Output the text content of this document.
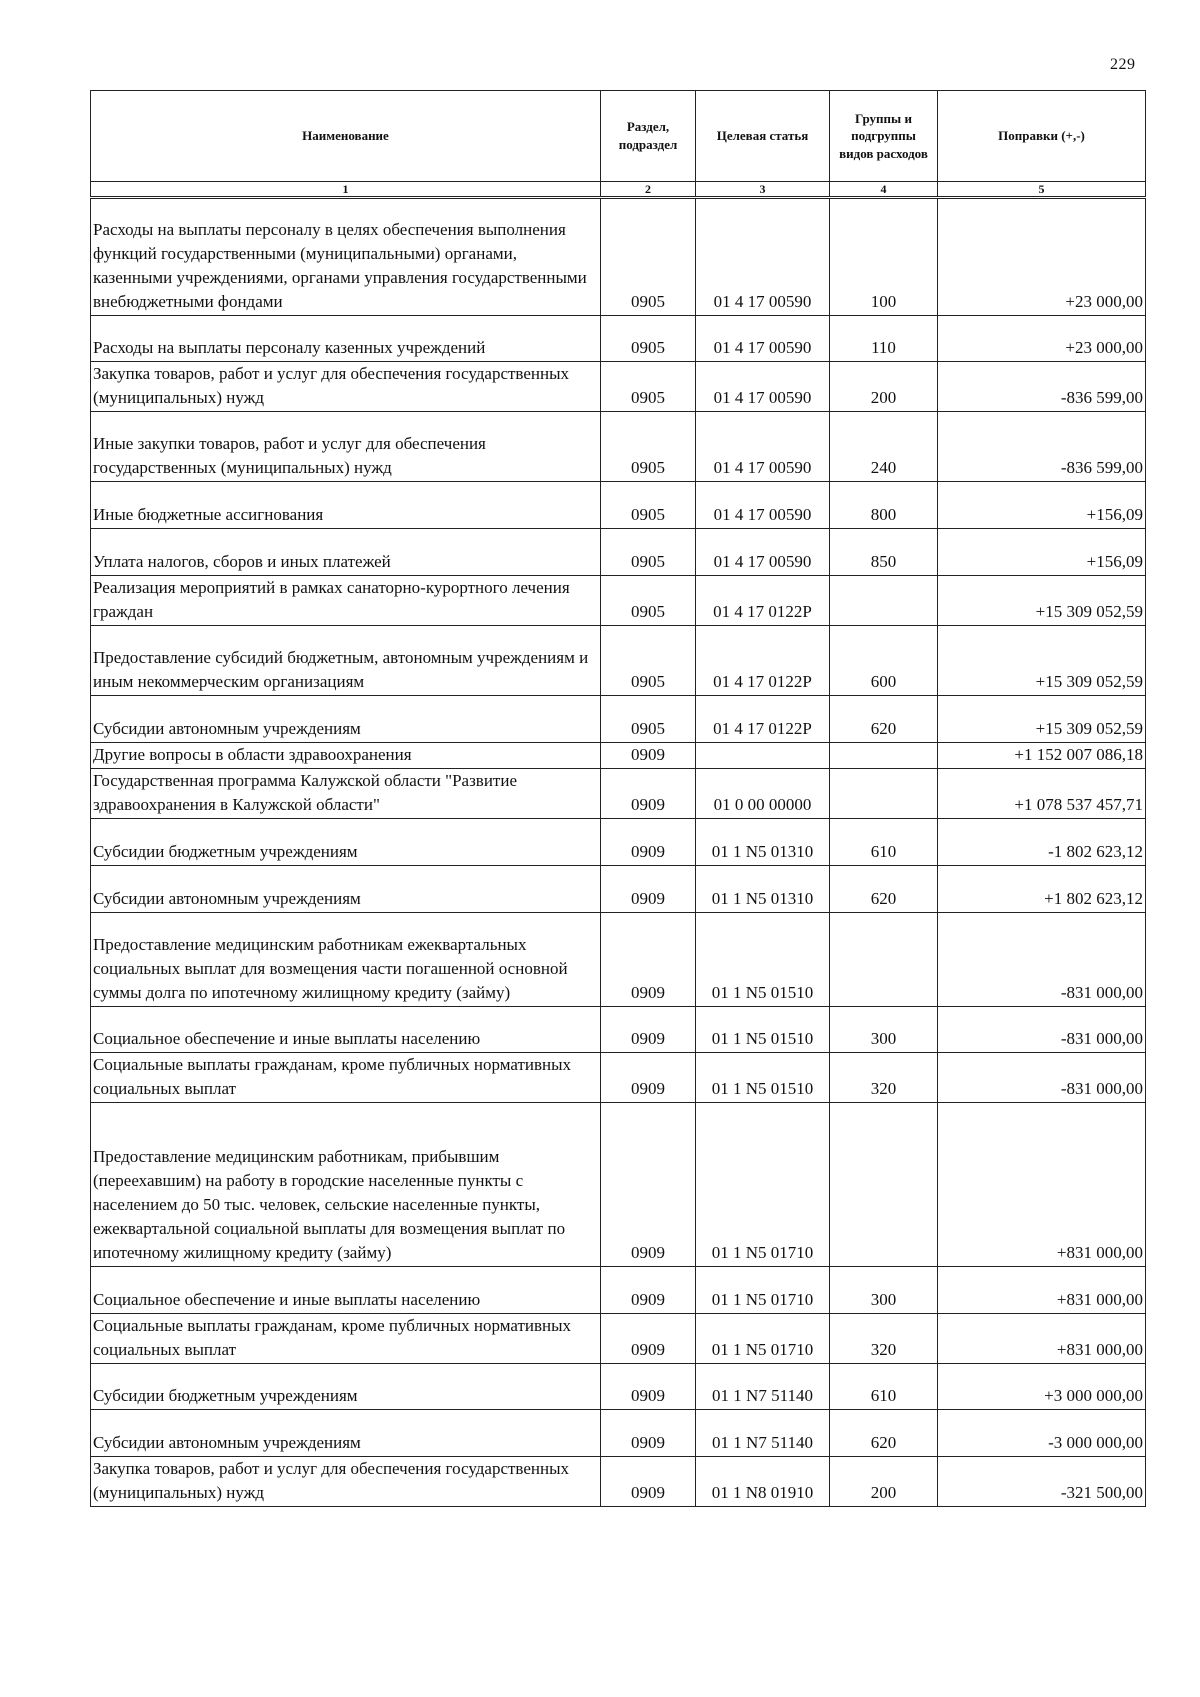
229
Наименование	Раздел, подраздел	Целевая статья	Группы и подгруппы видов расходов	Поправки (+,-)
1	2	3	4	5
Расходы на выплаты персоналу в целях обеспечения выполнения функций государственными (муниципальными) органами, казенными учреждениями, органами управления государственными внебюджетными фондами	0905	01 4 17 00590	100	+23 000,00
Расходы на выплаты персоналу казенных учреждений	0905	01 4 17 00590	110	+23 000,00
Закупка товаров, работ и услуг для обеспечения государственных (муниципальных) нужд	0905	01 4 17 00590	200	-836 599,00
Иные закупки товаров, работ и услуг для обеспечения государственных (муниципальных) нужд	0905	01 4 17 00590	240	-836 599,00
Иные бюджетные ассигнования	0905	01 4 17 00590	800	+156,09
Уплата налогов, сборов и иных платежей	0905	01 4 17 00590	850	+156,09
Реализация мероприятий в рамках санаторно-курортного лечения граждан	0905	01 4 17 0122P		+15 309 052,59
Предоставление субсидий бюджетным, автономным учреждениям и иным некоммерческим организациям	0905	01 4 17 0122P	600	+15 309 052,59
Субсидии автономным учреждениям	0905	01 4 17 0122P	620	+15 309 052,59
Другие вопросы в области здравоохранения	0909			+1 152 007 086,18
Государственная программа Калужской области "Развитие здравоохранения в Калужской области"	0909	01 0 00 00000		+1 078 537 457,71
Субсидии бюджетным учреждениям	0909	01 1 N5 01310	610	-1 802 623,12
Субсидии автономным учреждениям	0909	01 1 N5 01310	620	+1 802 623,12
Предоставление медицинским работникам ежеквартальных социальных выплат для возмещения части погашенной основной суммы долга по ипотечному жилищному кредиту (займу)	0909	01 1 N5 01510		-831 000,00
Социальное обеспечение и иные выплаты населению	0909	01 1 N5 01510	300	-831 000,00
Социальные выплаты гражданам, кроме публичных нормативных социальных выплат	0909	01 1 N5 01510	320	-831 000,00
Предоставление медицинским работникам, прибывшим (переехавшим) на работу в городские населенные пункты с населением до 50 тыс. человек, сельские населенные пункты, ежеквартальной социальной выплаты для возмещения выплат по ипотечному жилищному кредиту (займу)	0909	01 1 N5 01710		+831 000,00
Социальное обеспечение и иные выплаты населению	0909	01 1 N5 01710	300	+831 000,00
Социальные выплаты гражданам, кроме публичных нормативных социальных выплат	0909	01 1 N5 01710	320	+831 000,00
Субсидии бюджетным учреждениям	0909	01 1 N7 51140	610	+3 000 000,00
Субсидии автономным учреждениям	0909	01 1 N7 51140	620	-3 000 000,00
Закупка товаров, работ и услуг для обеспечения государственных (муниципальных) нужд	0909	01 1 N8 01910	200	-321 500,00
